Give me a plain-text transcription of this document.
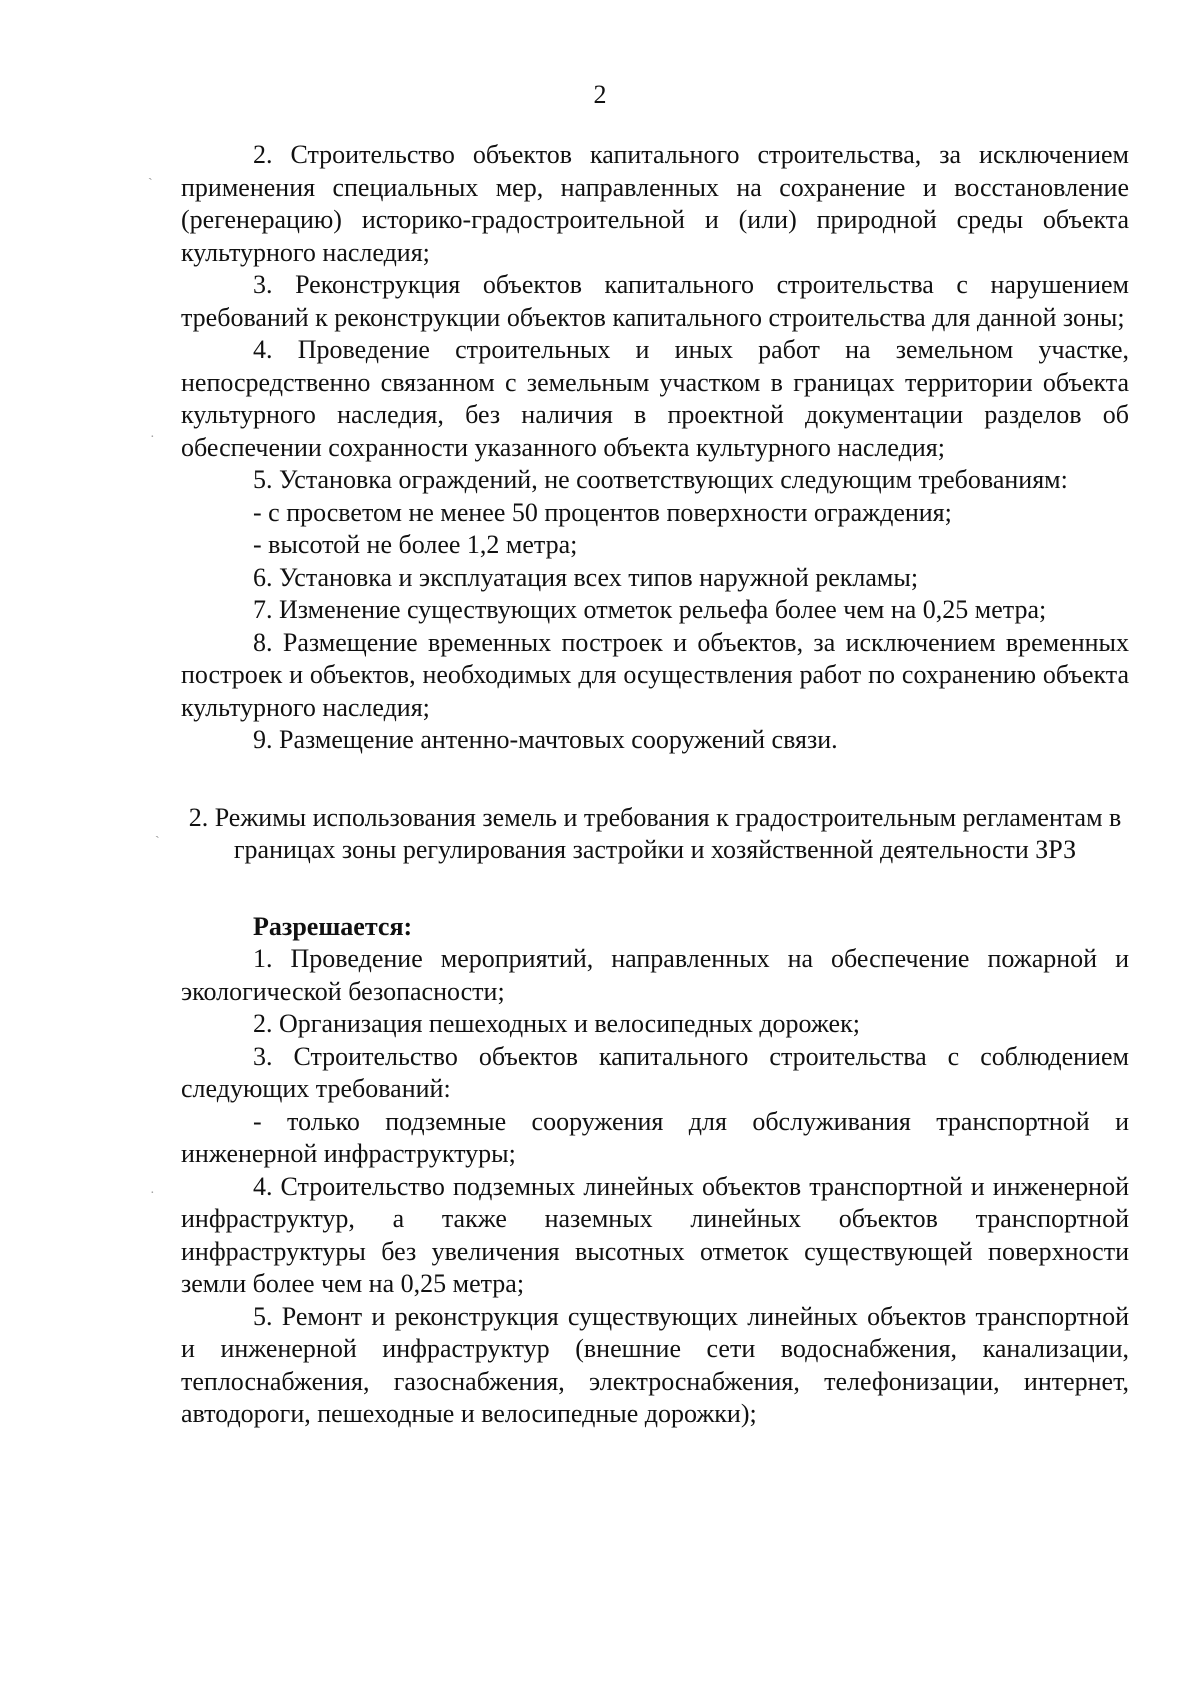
2

2. Строительство объектов капитального строительства, за исключением применения специальных мер, направленных на сохранение и восстановление (регенерацию) историко-градостроительной и (или) природной среды объекта культурного наследия;

3. Реконструкция объектов капитального строительства с нарушением требований к реконструкции объектов капитального строительства для данной зоны;

4. Проведение строительных и иных работ на земельном участке, непосредственно связанном с земельным участком в границах территории объекта культурного наследия, без наличия в проектной документации разделов об обеспечении сохранности указанного объекта культурного наследия;

5. Установка ограждений, не соответствующих следующим требованиям:

- с просветом не менее 50 процентов поверхности ограждения;

- высотой не более 1,2 метра;

6. Установка и эксплуатация всех типов наружной рекламы;

7. Изменение существующих отметок рельефа более чем на 0,25 метра;

8. Размещение временных построек и объектов, за исключением временных построек и объектов, необходимых для осуществления работ по сохранению объекта культурного наследия;

9. Размещение антенно-мачтовых сооружений связи.

2. Режимы использования земель и требования к градостроительным регламентам в границах зоны регулирования застройки и хозяйственной деятельности ЗРЗ

Разрешается:

1. Проведение мероприятий, направленных на обеспечение пожарной и экологической безопасности;

2. Организация пешеходных и велосипедных дорожек;

3. Строительство объектов капитального строительства с соблюдением следующих требований:

- только подземные сооружения для обслуживания транспортной и инженерной инфраструктуры;

4. Строительство подземных линейных объектов транспортной и инженерной инфраструктур, а также наземных линейных объектов транспортной инфраструктуры без увеличения высотных отметок существующей поверхности земли более чем на 0,25 метра;

5. Ремонт и реконструкция существующих линейных объектов транспортной и инженерной инфраструктур (внешние сети водоснабжения, канализации, теплоснабжения, газоснабжения, электроснабжения, телефонизации, интернет, автодороги, пешеходные и велосипедные дорожки);

ˏ
·
ˏ
·
